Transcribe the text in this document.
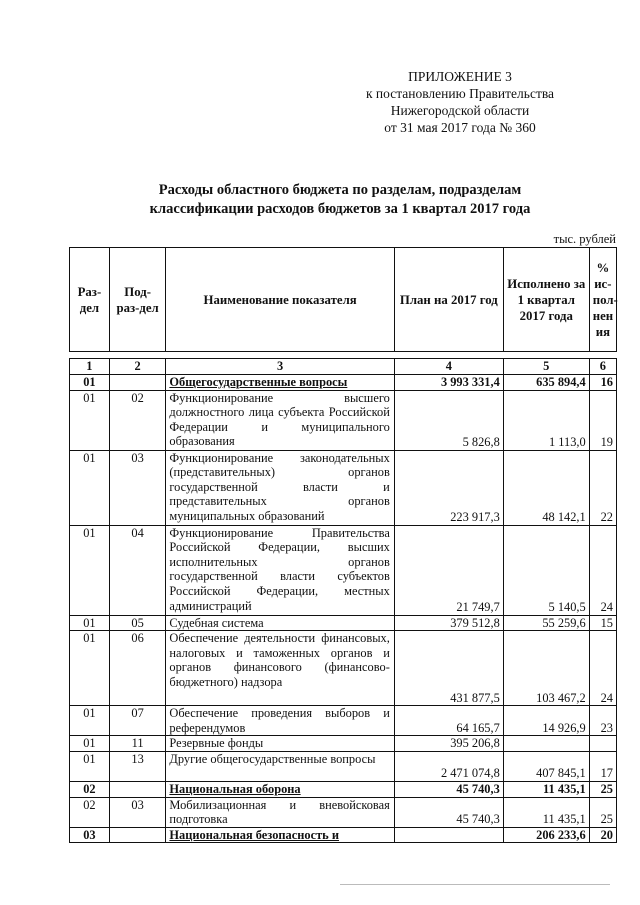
ПРИЛОЖЕНИЕ 3
к постановлению Правительства
Нижегородской области
от 31 мая 2017 года № 360
Расходы областного бюджета по разделам, подразделам
классификации расходов бюджетов за 1 квартал 2017 года
тыс. рублей
Раз-дел	Под-раз-дел	Наименование показателя	План на 2017 год	Исполнено за 1 квартал 2017 года	% ис-пол-нен ия
1	2	3	4	5	6
01		Общегосударственные вопросы	3 993 331,4	635 894,4	16
01	02	Функционирование высшего должностного лица субъекта Российской Федерации и муниципального образования	5 826,8	1 113,0	19
01	03	Функционирование законодательных (представительных) органов государственной власти и представительных органов муниципальных образований	223 917,3	48 142,1	22
01	04	Функционирование Правительства Российской Федерации, высших исполнительных органов государственной власти субъектов Российской Федерации, местных администраций	21 749,7	5 140,5	24
01	05	Судебная система	379 512,8	55 259,6	15
01	06	Обеспечение деятельности финансовых, налоговых и таможенных органов и органов финансового (финансово-бюджетного) надзора	431 877,5	103 467,2	24
01	07	Обеспечение проведения выборов и референдумов	64 165,7	14 926,9	23
01	11	Резервные фонды	395 206,8		
01	13	Другие общегосударственные вопросы	2 471 074,8	407 845,1	17
02		Национальная оборона	45 740,3	11 435,1	25
02	03	Мобилизационная и вневойсковая подготовка	45 740,3	11 435,1	25
03		Национальная безопасность и		206 233,6	20
